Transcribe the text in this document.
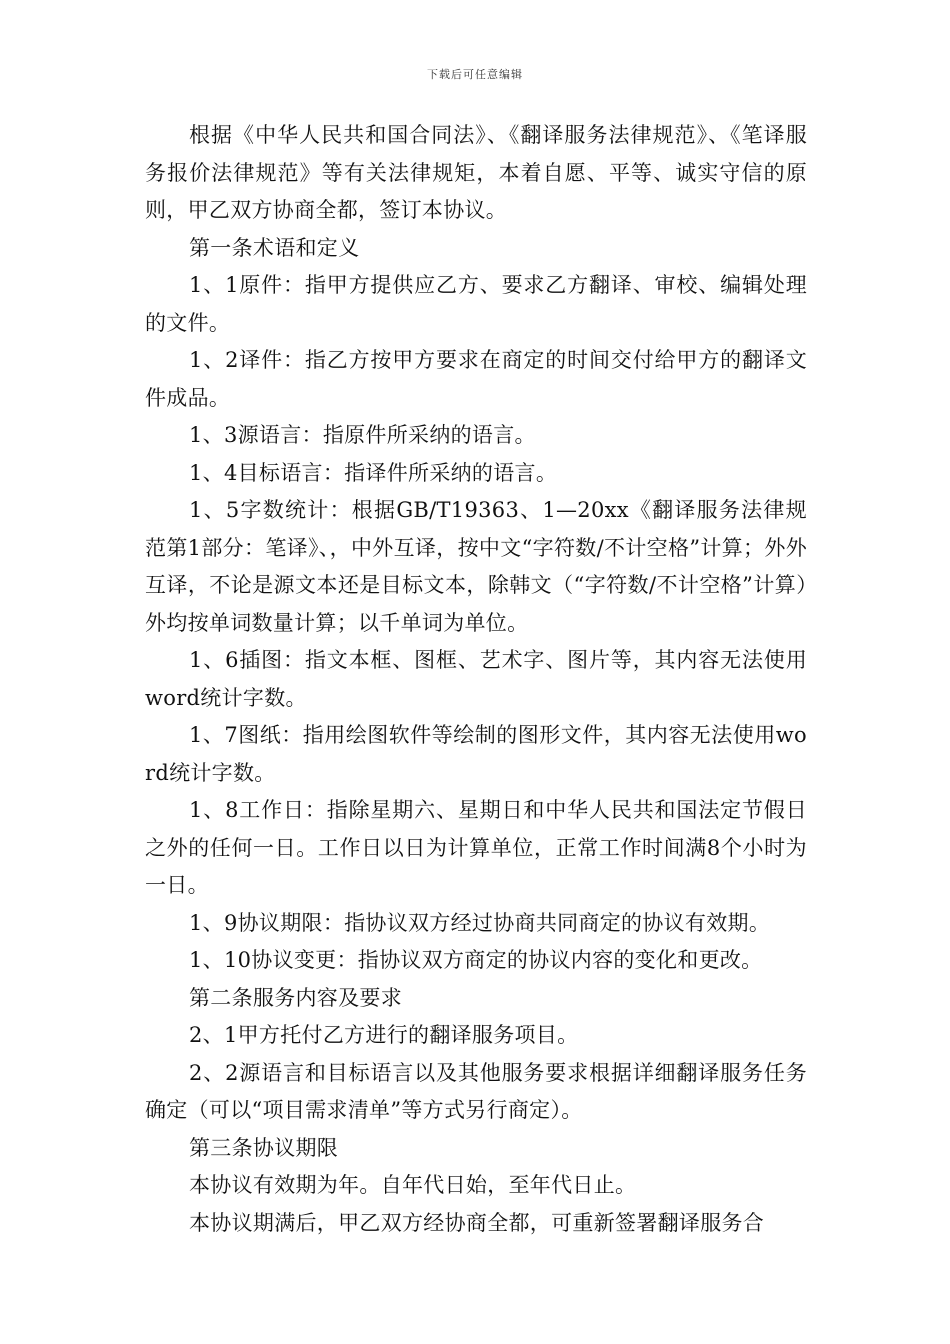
下载后可任意编辑

根据《中华人民共和国合同法》、《翻译服务法律规范》、《笔译服务报价法律规范》等有关法律规矩，本着自愿、平等、诚实守信的原则，甲乙双方协商全都，签订本协议。

第一条术语和定义

1、1原件：指甲方提供应乙方、要求乙方翻译、审校、编辑处理的文件。

1、2译件：指乙方按甲方要求在商定的时间交付给甲方的翻译文件成品。

1、3源语言：指原件所采纳的语言。

1、4目标语言：指译件所采纳的语言。

1、5字数统计：根据GB/T19363、1—20xx《翻译服务法律规范第1部分：笔译》、，中外互译，按中文“字符数/不计空格”计算；外外互译，不论是源文本还是目标文本，除韩文（“字符数/不计空格”计算）外均按单词数量计算；以千单词为单位。

1、6插图：指文本框、图框、艺术字、图片等，其内容无法使用word统计字数。

1、7图纸：指用绘图软件等绘制的图形文件，其内容无法使用word统计字数。

1、8工作日：指除星期六、星期日和中华人民共和国法定节假日之外的任何一日。工作日以日为计算单位，正常工作时间满8个小时为一日。

1、9协议期限：指协议双方经过协商共同商定的协议有效期。

1、10协议变更：指协议双方商定的协议内容的变化和更改。

第二条服务内容及要求

2、1甲方托付乙方进行的翻译服务项目。

2、2源语言和目标语言以及其他服务要求根据详细翻译服务任务确定（可以“项目需求清单”等方式另行商定）。

第三条协议期限

本协议有效期为年。自年代日始，至年代日止。

本协议期满后，甲乙双方经协商全都，可重新签署翻译服务合
